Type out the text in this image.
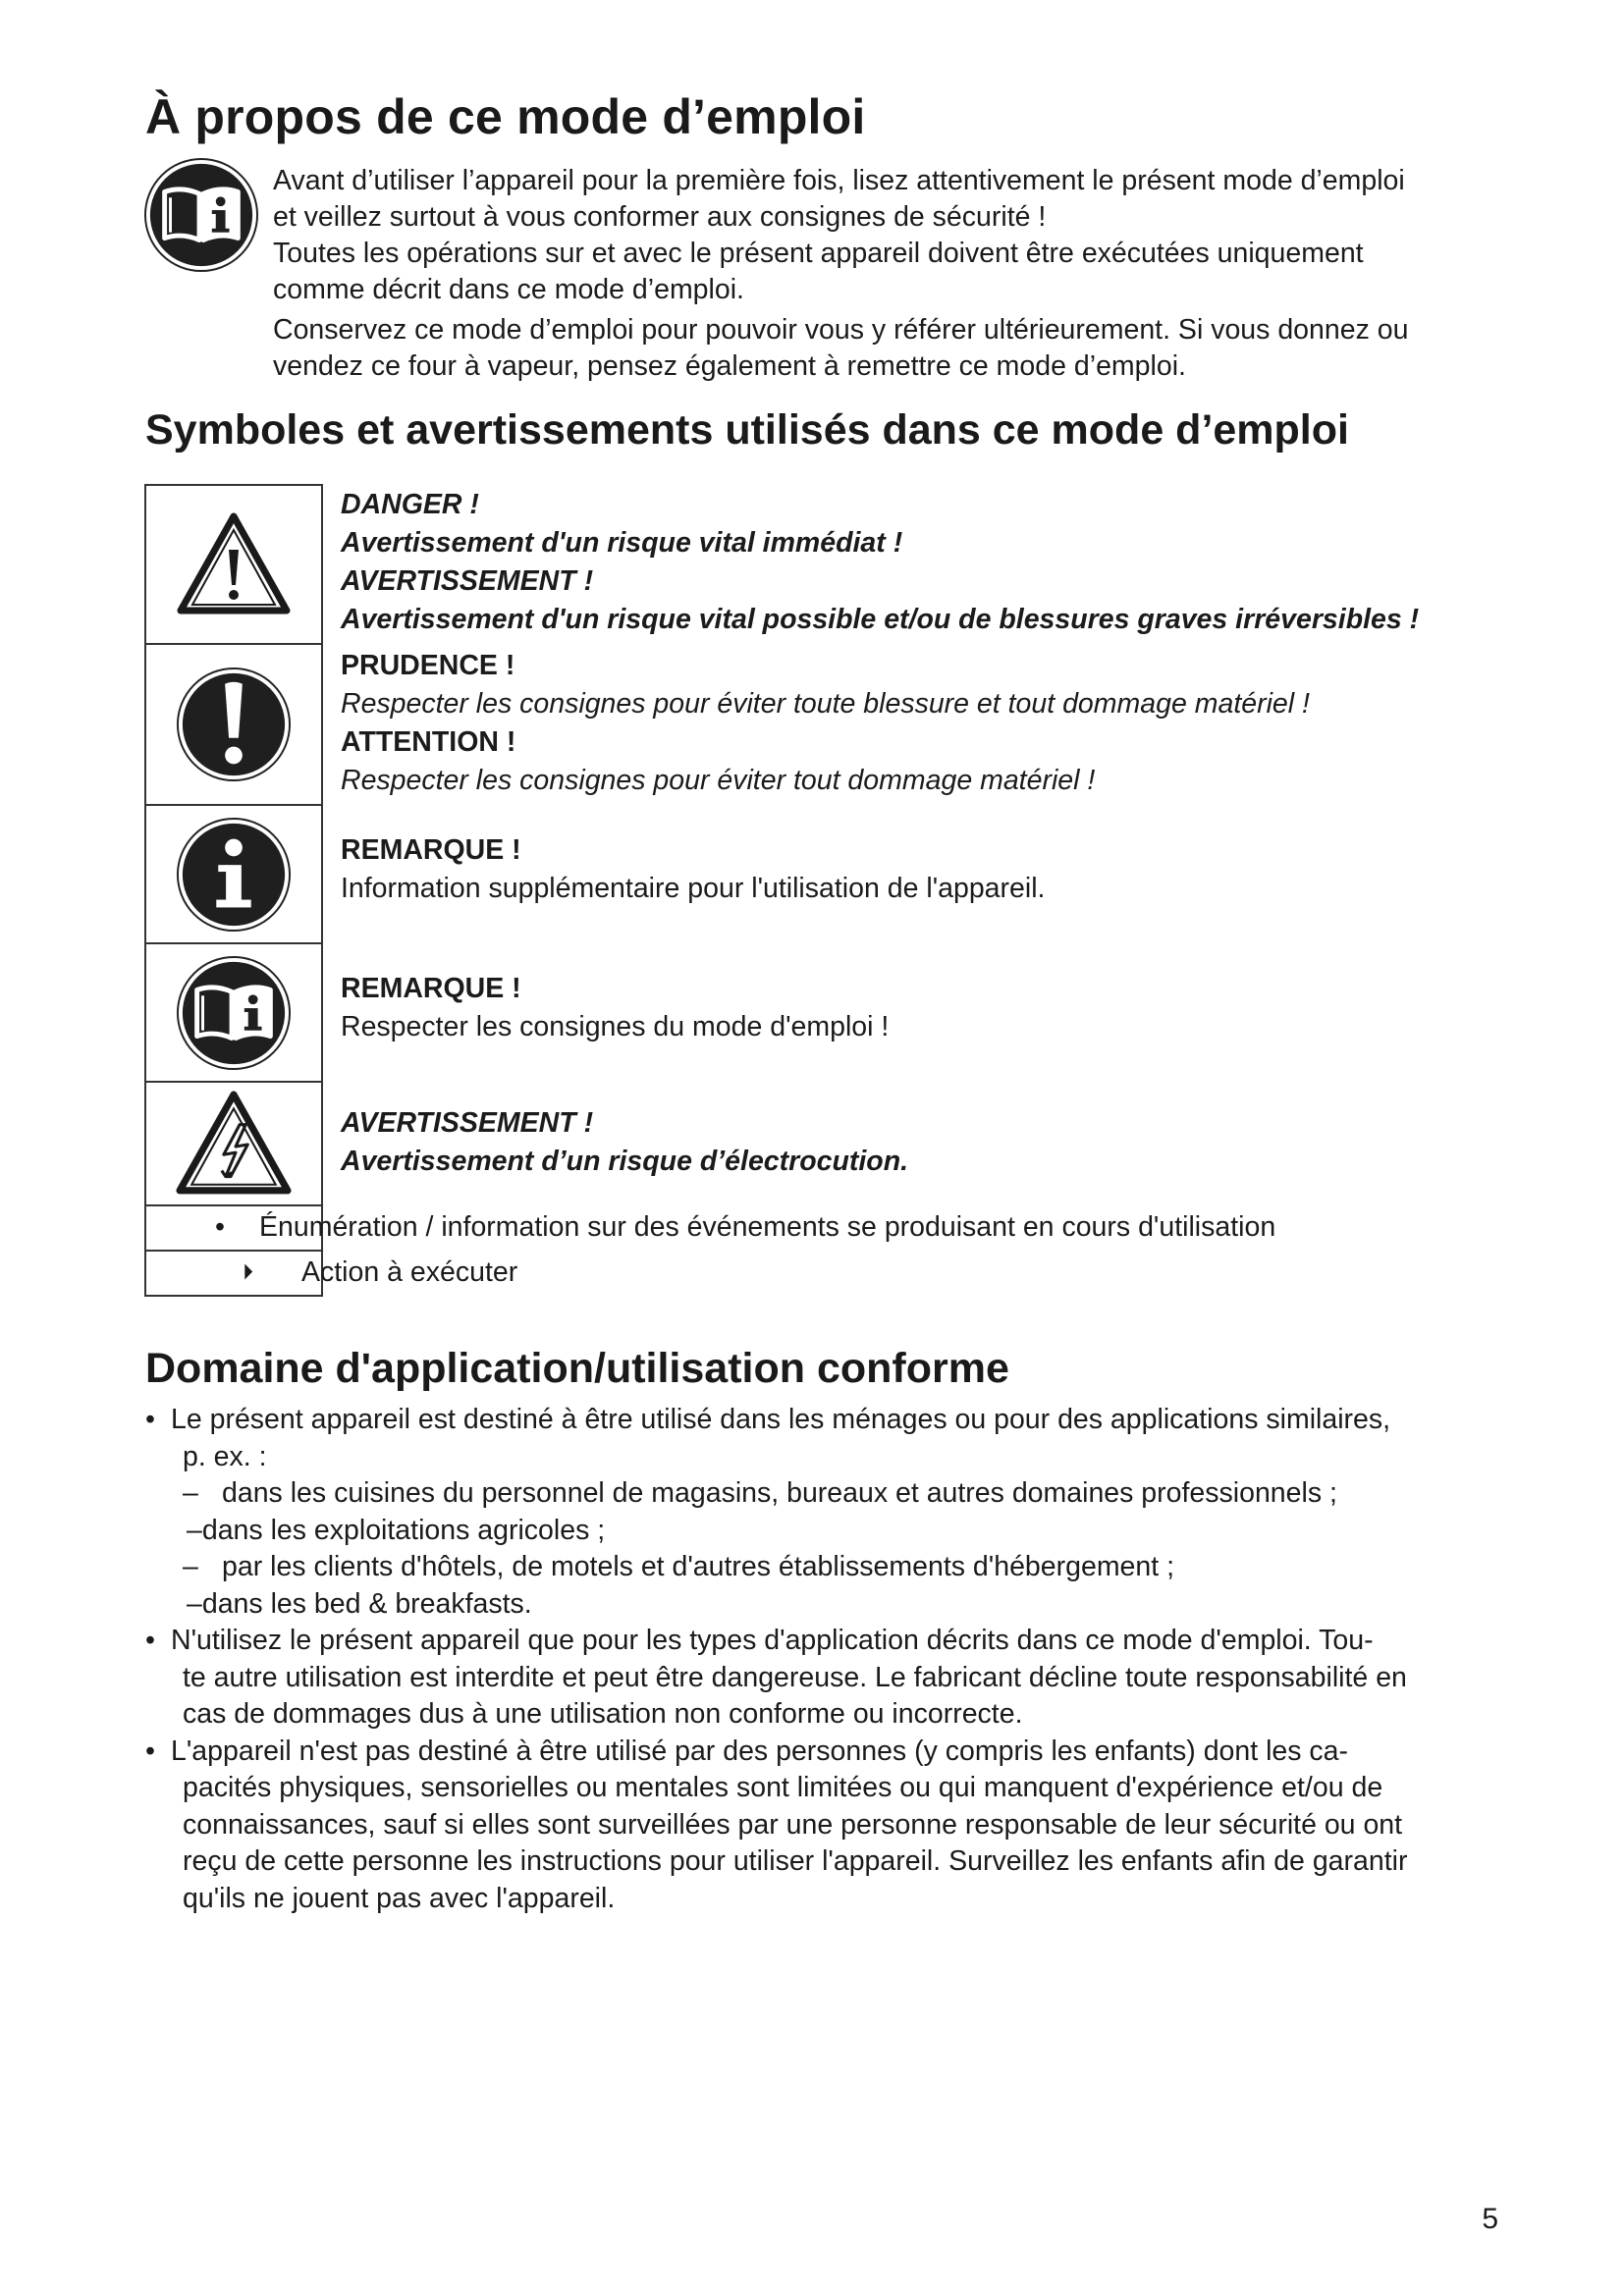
À propos de ce mode d’emploi

Avant d’utiliser l’appareil pour la première fois, lisez attentivement le présent mode d’emploi
et veillez surtout à vous conformer aux consignes de sécurité !

Toutes les opérations sur et avec le présent appareil doivent être exécutées uniquement
comme décrit dans ce mode d’emploi.

Conservez ce mode d’emploi pour pouvoir vous y référer ultérieurement. Si vous donnez ou
vendez ce four à vapeur, pensez également à remettre ce mode d’emploi.

Symboles et avertissements utilisés dans ce mode d’emploi
DANGER !
Avertissement d'un risque vital immédiat !
AVERTISSEMENT !
Avertissement d'un risque vital possible et/ou de blessures graves irréversibles !
PRUDENCE !
Respecter les consignes pour éviter toute blessure et tout dommage matériel !
ATTENTION !
Respecter les consignes pour éviter tout dommage matériel !
REMARQUE !
Information supplémentaire pour l'utilisation de l'appareil.
REMARQUE !
Respecter les consignes du mode d'emploi !
AVERTISSEMENT !
Avertissement d’un risque d’électrocution.
• Énumération / information sur des événements se produisant en cours d'utilisation
⏵ Action à exécuter
Domaine d'application/utilisation conforme
• Le présent appareil est destiné à être utilisé dans les ménages ou pour des applications similaires,
p. ex. :
– dans les cuisines du personnel de magasins, bureaux et autres domaines professionnels ;
–dans les exploitations agricoles ;
– par les clients d'hôtels, de motels et d'autres établissements d'hébergement ;
–dans les bed & breakfasts.
• N'utilisez le présent appareil que pour les types d'application décrits dans ce mode d'emploi. Tou-
te autre utilisation est interdite et peut être dangereuse. Le fabricant décline toute responsabilité en
cas de dommages dus à une utilisation non conforme ou incorrecte.
• L'appareil n'est pas destiné à être utilisé par des personnes (y compris les enfants) dont les ca-
pacités physiques, sensorielles ou mentales sont limitées ou qui manquent d'expérience et/ou de
connaissances, sauf si elles sont surveillées par une personne responsable de leur sécurité ou ont
reçu de cette personne les instructions pour utiliser l'appareil. Surveillez les enfants afin de garantir
qu'ils ne jouent pas avec l'appareil.
5
